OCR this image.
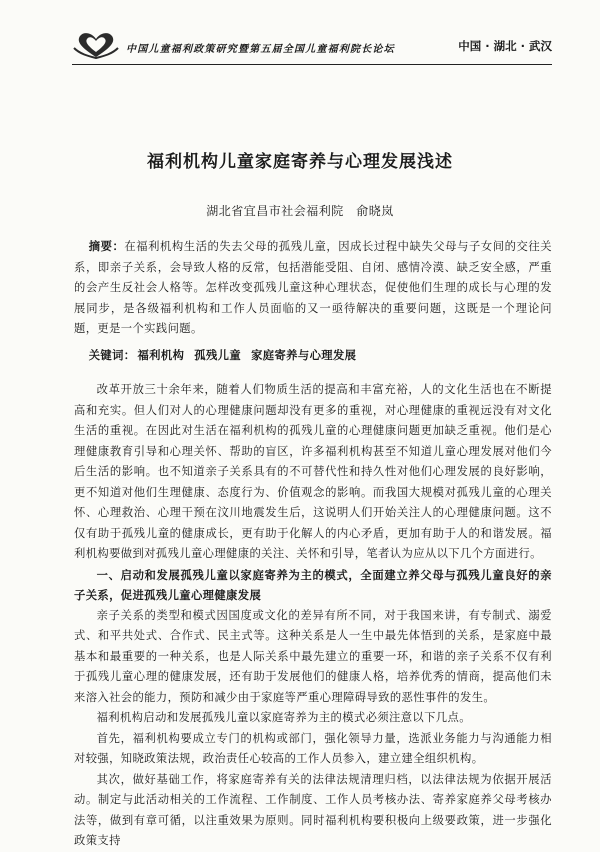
中国儿童福利政策研究暨第五届全国儿童福利院长论坛	中国 · 湖北 · 武汉
福利机构儿童家庭寄养与心理发展浅述
湖北省宜昌市社会福利院　俞晓岚
摘要：在福利机构生活的失去父母的孤残儿童，因成长过程中缺失父母与子女间的交往关系，即亲子关系，会导致人格的反常，包括潜能受阻、自闭、感情冷漠、缺乏安全感，严重的会产生反社会人格等。怎样改变孤残儿童这种心理状态，促使他们生理的成长与心理的发展同步，是各级福利机构和工作人员面临的又一亟待解决的重要问题，这既是一个理论问题，更是一个实践问题。
关键词： 福利机构 孤残儿童 家庭寄养与心理发展

改革开放三十余年来，随着人们物质生活的提高和丰富充裕，人的文化生活也在不断提高和充实。但人们对人的心理健康问题却没有更多的重视，对心理健康的重视远没有对文化生活的重视。在因此对生活在福利机构的孤残儿童的心理健康问题更加缺乏重视。他们是心理健康教育引导和心理关怀、帮助的盲区，许多福利机构甚至不知道儿童心理发展对他们今后生活的影响。也不知道亲子关系具有的不可替代性和持久性对他们心理发展的良好影响，更不知道对他们生理健康、态度行为、价值观念的影响。而我国大规模对孤残儿童的心理关怀、心理救治、心理干预在汶川地震发生后，这说明人们开始关注人的心理健康问题。这不仅有助于孤残儿童的健康成长，更有助于化解人的内心矛盾，更加有助于人的和谐发展。福利机构要做到对孤残儿童心理健康的关注、关怀和引导，笔者认为应从以下几个方面进行。

一、启动和发展孤残儿童以家庭寄养为主的模式，全面建立养父母与孤残儿童良好的亲子关系，促进孤残儿童心理健康发展

亲子关系的类型和模式因国度或文化的差异有所不同，对于我国来讲，有专制式、溺爱式、和平共处式、合作式、民主式等。这种关系是人一生中最先体悟到的关系，是家庭中最基本和最重要的一种关系，也是人际关系中最先建立的重要一环，和谐的亲子关系不仅有利于孤残儿童心理的健康发展，还有助于发展他们的健康人格，培养优秀的情商，提高他们未来溶入社会的能力，预防和减少由于家庭等严重心理障碍导致的恶性事件的发生。

福利机构启动和发展孤残儿童以家庭寄养为主的模式必须注意以下几点。

首先，福利机构要成立专门的机构或部门，强化领导力量，选派业务能力与沟通能力相对较强，知晓政策法规，政治责任心较高的工作人员参入，建立建全组织机构。

其次，做好基础工作，将家庭寄养有关的法律法规清理归档，以法律法规为依据开展活动。制定与此活动相关的工作流程、工作制度、工作人员考核办法、寄养家庭养父母考核办法等，做到有章可循，以注重效果为原则。同时福利机构要积极向上级要政策，进一步强化政策支持
